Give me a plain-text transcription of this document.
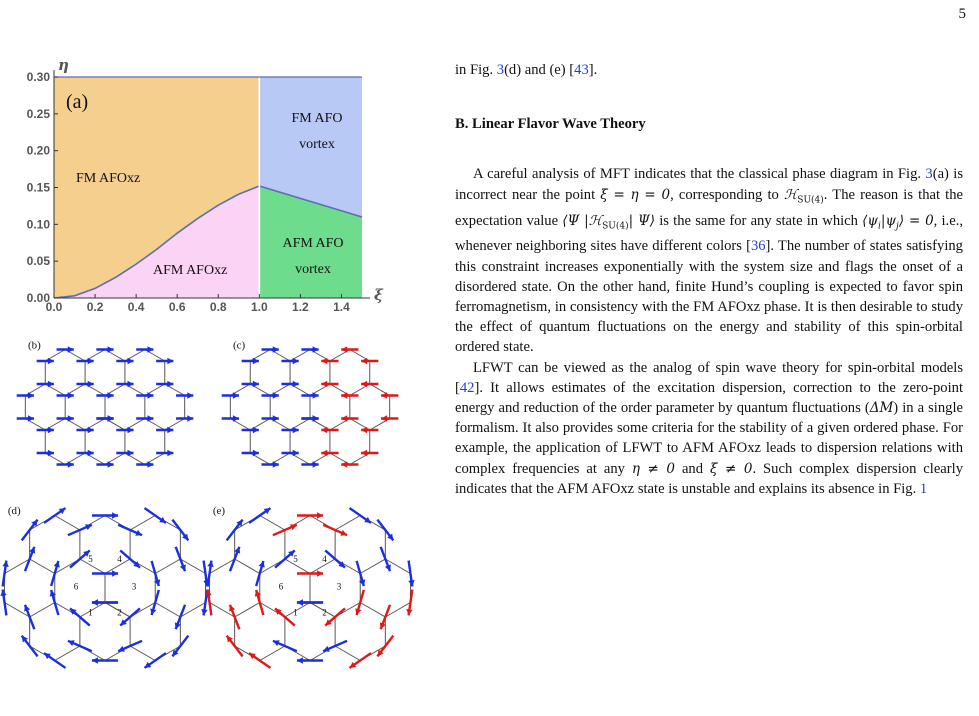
5
0.0 0.2 0.4 0.6 0.8 1.0 1.2 1.4
0.00
0.05
0.10
0.15
0.20
0.25
0.30
ξ
η
(a)
FM AFOxz
AFM AFOxz
FM AFO
vortex
AFM AFO
vortex
(b)	(c)
(d)
1	2
3
4
5
6
(e)
1	2
3
4
5
6

in Fig. 3(d) and (e) [43].

B. Linear Flavor Wave Theory

A careful analysis of MFT indicates that the classical phase diagram in Fig. 3(a) is incorrect near the point ξ = η = 0, corresponding to ℋ$_{SU(4)}$. The reason is that the expectation value ⟨Ψ |ℋ$_{SU(4)}$| Ψ⟩ is the same for any state in which $⟨\psi_i|\psi_j⟩ = 0$, i.e., whenever neighboring sites have different colors [36]. The number of states satisfying this constraint increases exponentially with the system size and flags the onset of a disordered state. On the other hand, finite Hund’s coupling is expected to favor spin ferromagnetism, in consistency with the FM AFOxz phase. It is then desirable to study the effect of quantum fluctuations on the energy and stability of this spin-orbital ordered state.

LFWT can be viewed as the analog of spin wave theory for spin-orbital models [42]. It allows estimates of the excitation dispersion, correction to the zero-point energy and reduction of the order parameter by quantum fluctuations (ΔM) in a single formalism. It also provides some criteria for the stability of a given ordered phase. For example, the application of LFWT to AFM AFOxz leads to dispersion relations with complex frequencies at any η ≠ 0 and ξ ≠ 0. Such complex dispersion clearly indicates that the AFM AFOxz state is unstable and explains its absence in Fig. 1
